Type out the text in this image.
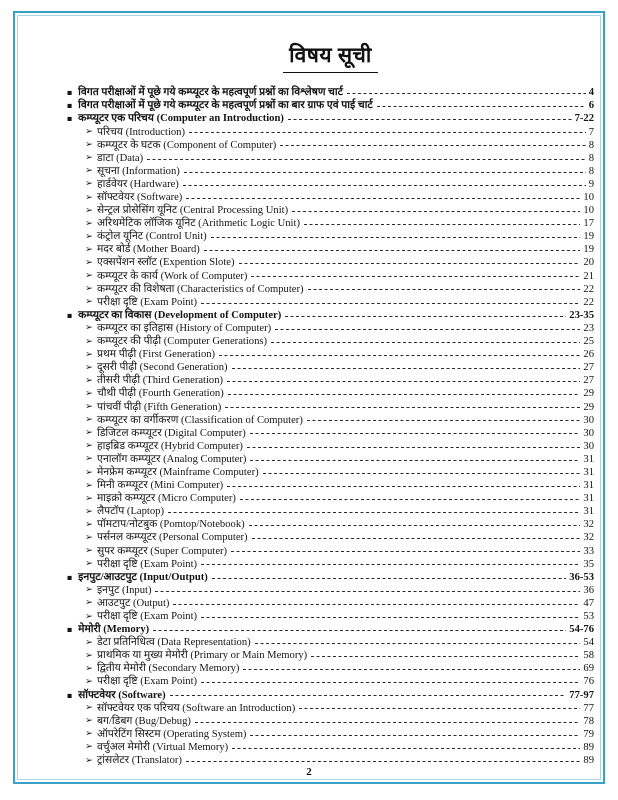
विषय सूची
■ विगत परीक्षाओं में पूछे गये कम्प्यूटर के महत्वपूर्ण प्रश्नों का विश्लेषण चार्ट	4
■ विगत परीक्षाओं में पूछे गये कम्प्यूटर के महत्वपूर्ण प्रश्नों का बार ग्राफ एवं पाई चार्ट	6
■ कम्प्यूटर एक परिचय (Computer an Introduction)	7-22
➢ परिचय (Introduction)	7
➢ कम्प्यूटर के घटक (Component of Computer)	8
➢ डाटा (Data)	8
➢ सूचना (Information)	8
➢ हार्डवेयर (Hardware)	9
➢ सॉफ्टवेयर (Software)	10
➢ सेन्ट्रल प्रोसेसिंग यूनिट (Central Processing Unit)	10
➢ अरिथमेटिक लॉजिक यूनिट (Arithmetic Logic Unit)	17
➢ कंट्रोल यूनिट (Control Unit)	19
➢ मदर बोर्ड (Mother Board)	19
➢ एक्सपेंशन स्लॉट (Expention Slote)	20
➢ कम्प्यूटर के कार्य (Work of Computer)	21
➢ कम्प्यूटर की विशेषता (Characteristics of Computer)	22
➢ परीक्षा दृष्टि (Exam Point)	22
■ कम्प्यूटर का विकास (Development of Computer)	23-35
➢ कम्प्यूटर का इतिहास (History of Computer)	23
➢ कम्प्यूटर की पीढ़ी (Computer Generations)	25
➢ प्रथम पीढ़ी (First Generation)	26
➢ दूसरी पीढ़ी (Second Generation)	27
➢ तीसरी पीढ़ी (Third Generation)	27
➢ चौथी पीढ़ी (Fourth Generation)	29
➢ पांचवीं पीढ़ी (Fifth Generation)	29
➢ कम्प्यूटर का वर्गीकरण (Classification of Computer)	30
➢ डिजिटल कम्प्यूटर (Digital Computer)	30
➢ हाइब्रिड कम्प्यूटर (Hybrid Computer)	30
➢ एनालॉग कम्प्यूटर (Analog Computer)	31
➢ मेनफ्रेम कम्प्यूटर (Mainframe Computer)	31
➢ मिनी कम्प्यूटर (Mini Computer)	31
➢ माइक्रो कम्प्यूटर (Micro Computer)	31
➢ लैपटॉप (Laptop)	31
➢ पॉमटाप/नोटबुक (Pomtop/Notebook)	32
➢ पर्सनल कम्प्यूटर (Personal Computer)	32
➢ सुपर कम्प्यूटर (Super Computer)	33
➢ परीक्षा दृष्टि (Exam Point)	35
■ इनपुट/आउटपुट (Input/Output)	36-53
➢ इनपुट (Input)	36
➢ आउटपुट (Output)	47
➢ परीक्षा दृष्टि (Exam Point)	53
■ मेमोरी (Memory)	54-76
➢ डेटा प्रतिनिधित्व (Data Representation)	54
➢ प्राथमिक या मुख्य मेमोरी (Primary or Main Memory)	58
➢ द्वितीय मेमोरी (Secondary Memory)	69
➢ परीक्षा दृष्टि (Exam Point)	76
■ सॉफ्टवेयर (Software)	77-97
➢ सॉफ्टवेयर एक परिचय (Software an Introduction)	77
➢ बग/डिबग (Bug/Debug)	78
➢ ऑपरेटिंग सिस्टम (Operating System)	79
➢ वर्चुअल मेमोरी (Virtual Memory)	89
➢ ट्रांसलेटर (Translator)	89
2
